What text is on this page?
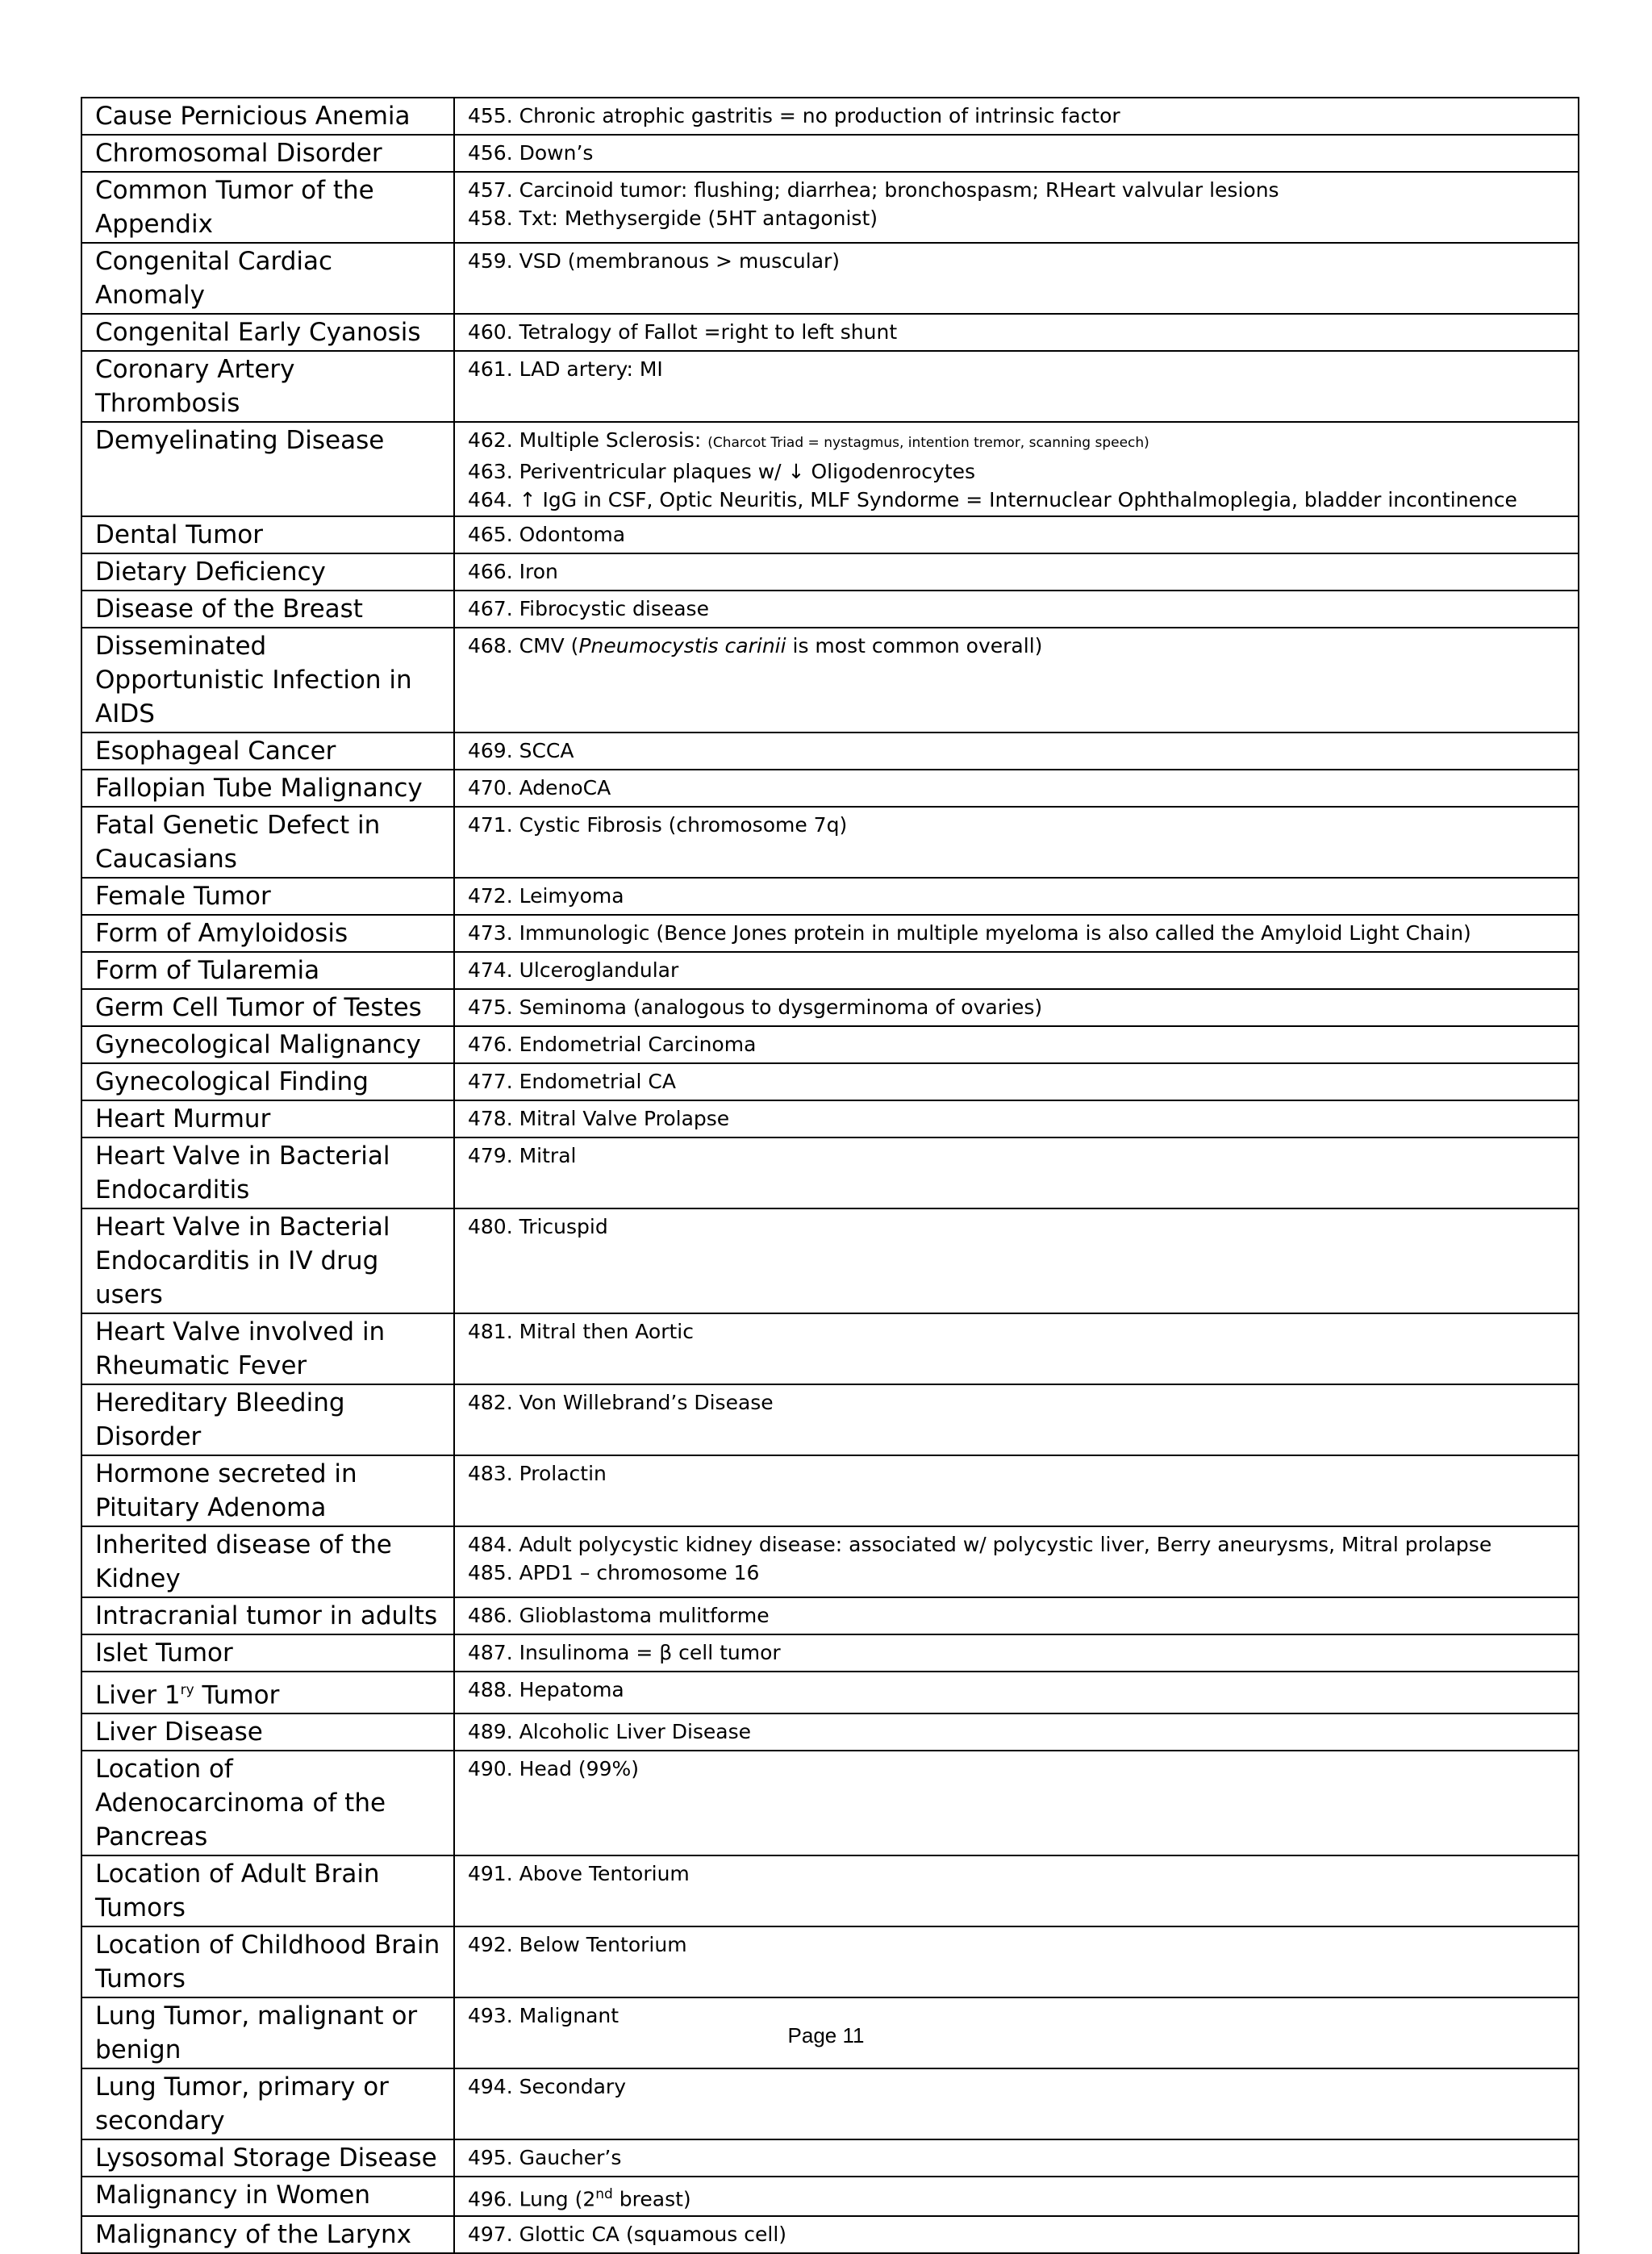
Cause Pernicious Anemia	455. Chronic atrophic gastritis = no production of intrinsic factor

Chromosomal Disorder	456. Down’s

Common Tumor of the Appendix	457. Carcinoid tumor: flushing; diarrhea; bronchospasm; RHeart valvular lesions
458. Txt: Methysergide (5HT antagonist)

Congenital Cardiac Anomaly	459. VSD (membranous > muscular)

Congenital Early Cyanosis	460. Tetralogy of Fallot =right to left shunt

Coronary Artery Thrombosis	461. LAD artery: MI

Demyelinating Disease	462. Multiple Sclerosis: (Charcot Triad = nystagmus, intention tremor, scanning speech)
463. Periventricular plaques w/ ↓ Oligodenrocytes
464. ↑ IgG in CSF, Optic Neuritis, MLF Syndorme = Internuclear Ophthalmoplegia, bladder incontinence

Dental Tumor	465. Odontoma

Dietary Deficiency	466. Iron

Disease of the Breast	467. Fibrocystic disease

Disseminated Opportunistic Infection in AIDS	468. CMV (Pneumocystis carinii is most common overall)

Esophageal Cancer	469. SCCA

Fallopian Tube Malignancy	470. AdenoCA

Fatal Genetic Defect in Caucasians	471. Cystic Fibrosis (chromosome 7q)

Female Tumor	472. Leimyoma

Form of Amyloidosis	473. Immunologic (Bence Jones protein in multiple myeloma is also called the Amyloid Light Chain)

Form of Tularemia	474. Ulceroglandular

Germ Cell Tumor of Testes	475. Seminoma (analogous to dysgerminoma of ovaries)

Gynecological Malignancy	476. Endometrial Carcinoma

Gynecological Finding	477. Endometrial CA

Heart Murmur	478. Mitral Valve Prolapse

Heart Valve in Bacterial Endocarditis	479. Mitral

Heart Valve in Bacterial Endocarditis in IV drug users	480. Tricuspid

Heart Valve involved in Rheumatic Fever	481. Mitral then Aortic

Hereditary Bleeding Disorder	482. Von Willebrand’s Disease

Hormone secreted in Pituitary Adenoma	483. Prolactin

Inherited disease of the Kidney	484. Adult polycystic kidney disease: associated w/ polycystic liver, Berry aneurysms, Mitral prolapse
485. APD1 – chromosome 16

Intracranial tumor in adults	486. Glioblastoma mulitforme

Islet Tumor	487. Insulinoma = β cell tumor

Liver $1^{ry}$ Tumor	488. Hepatoma

Liver Disease	489. Alcoholic Liver Disease

Location of Adenocarcinoma of the Pancreas	490. Head (99%)

Location of Adult Brain Tumors	491. Above Tentorium

Location of Childhood Brain Tumors	492. Below Tentorium

Lung Tumor, malignant or benign	493. Malignant

Lung Tumor, primary or secondary	494. Secondary

Lysosomal Storage Disease	495. Gaucher’s

Malignancy in Women	496. Lung (2nd breast)

Malignancy of the Larynx	497. Glottic CA (squamous cell)
Page 11
